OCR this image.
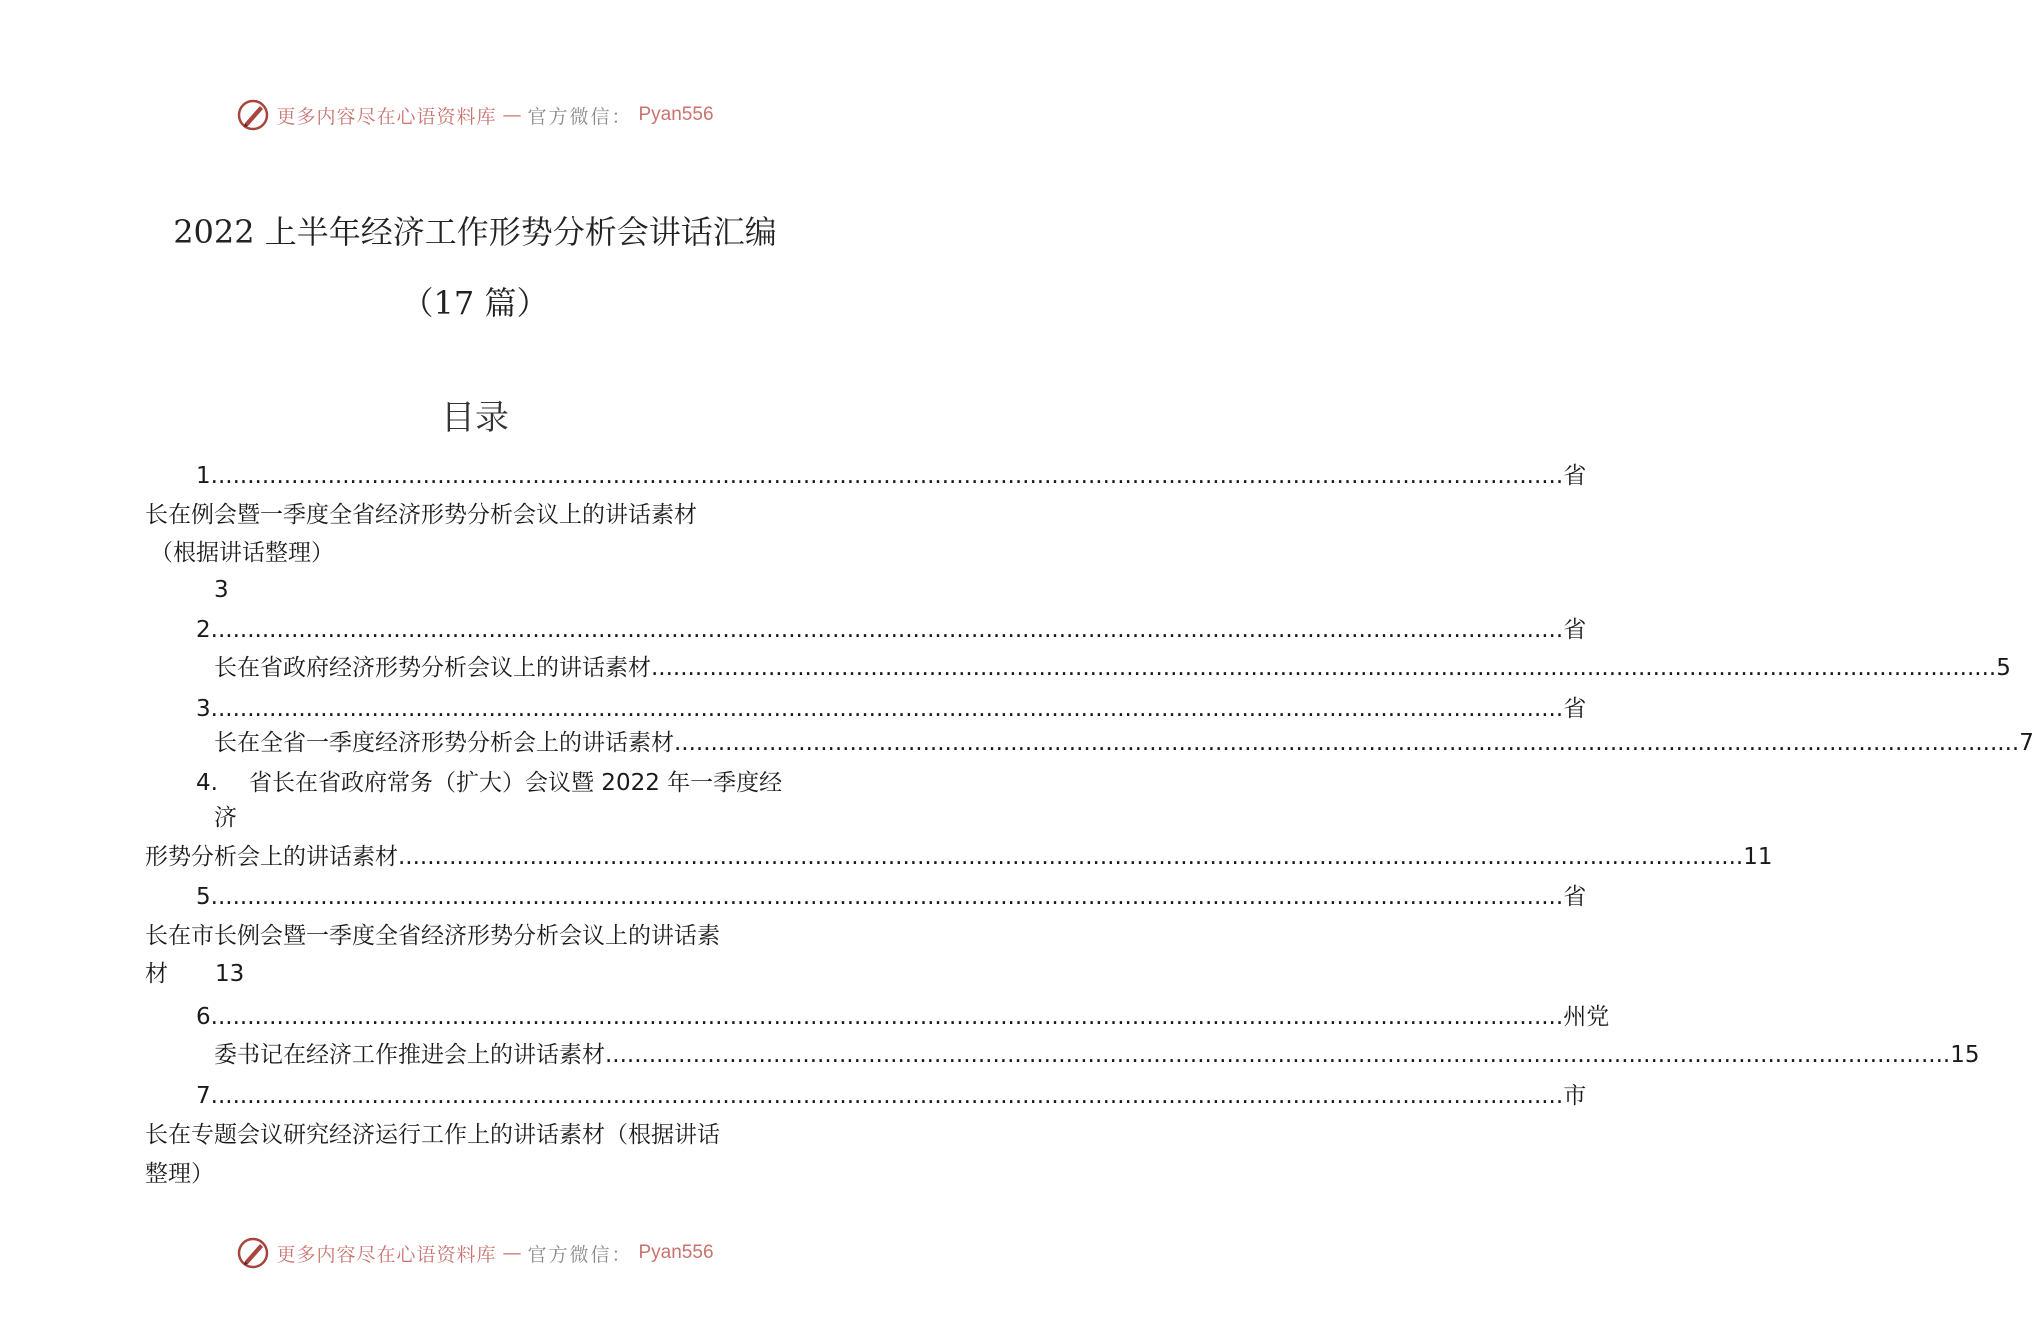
更多内容尽在心语资料库 — 官方微信： Pyan556
2022 上半年经济工作形势分析会讲话汇编
（17 篇）
目录
1. ........................................................................................................................................................................................ 省
长在例会暨一季度全省经济形势分析会议上的讲话素材
（根据讲话整理）
3
2. ........................................................................................................................................................................................ 省
长在省政府经济形势分析会议上的讲话素材 ........................................................................................................................................................................................ 5
3. ........................................................................................................................................................................................ 省
长在全省一季度经济形势分析会上的讲话素材 ........................................................................................................................................................................................ 7
4. 省长在省政府常务（扩大）会议暨 2022 年一季度经
济
形势分析会上的讲话素材 ........................................................................................................................................................................................ 11
5. ........................................................................................................................................................................................ 省
长在市长例会暨一季度全省经济形势分析会议上的讲话素
材 13
6. ........................................................................................................................................................................................ 州党
委书记在经济工作推进会上的讲话素材 ........................................................................................................................................................................................ 15
7. ........................................................................................................................................................................................ 市
长在专题会议研究经济运行工作上的讲话素材（根据讲话
整理）
更多内容尽在心语资料库 — 官方微信： Pyan556
